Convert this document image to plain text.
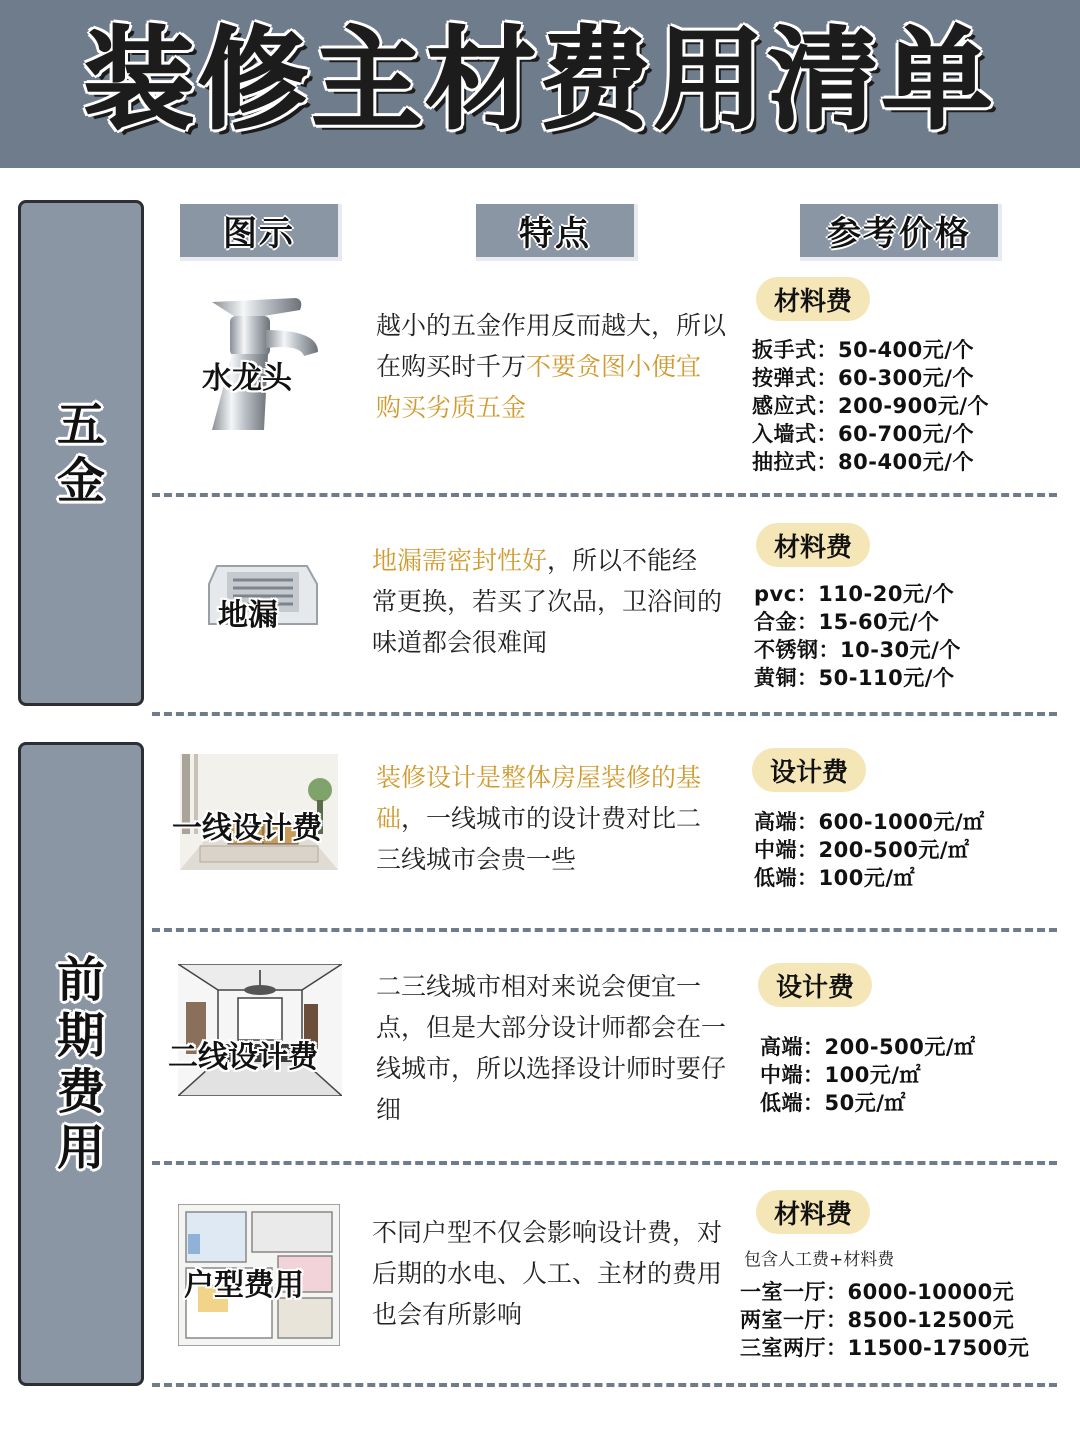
装修主材费用清单
图示	特点	参考价格
五
金
前
期
费
用
水龙头
越小的五金作用反而越大，所以在购买时千万不要贪图小便宜购买劣质五金
材料费
扳手式：50-400元/个
按弹式：60-300元/个
感应式：200-900元/个
入墙式：60-700元/个
抽拉式：80-400元/个
地漏
地漏需密封性好，所以不能经常更换，若买了次品，卫浴间的味道都会很难闻
材料费
pvc：110-20元/个
合金：15-60元/个
不锈钢：10-30元/个
黄铜：50-110元/个
一线设计费
装修设计是整体房屋装修的基础，一线城市的设计费对比二三线城市会贵一些
设计费
高端：600-1000元/㎡
中端：200-500元/㎡
低端：100元/㎡
二线设计费
二三线城市相对来说会便宜一点，但是大部分设计师都会在一线城市，所以选择设计师时要仔细
设计费
高端：200-500元/㎡
中端：100元/㎡
低端：50元/㎡
户型费用
不同户型不仅会影响设计费，对后期的水电、人工、主材的费用也会有所影响
材料费
包含人工费+材料费
一室一厅：6000-10000元
两室一厅：8500-12500元
三室两厅：11500-17500元
